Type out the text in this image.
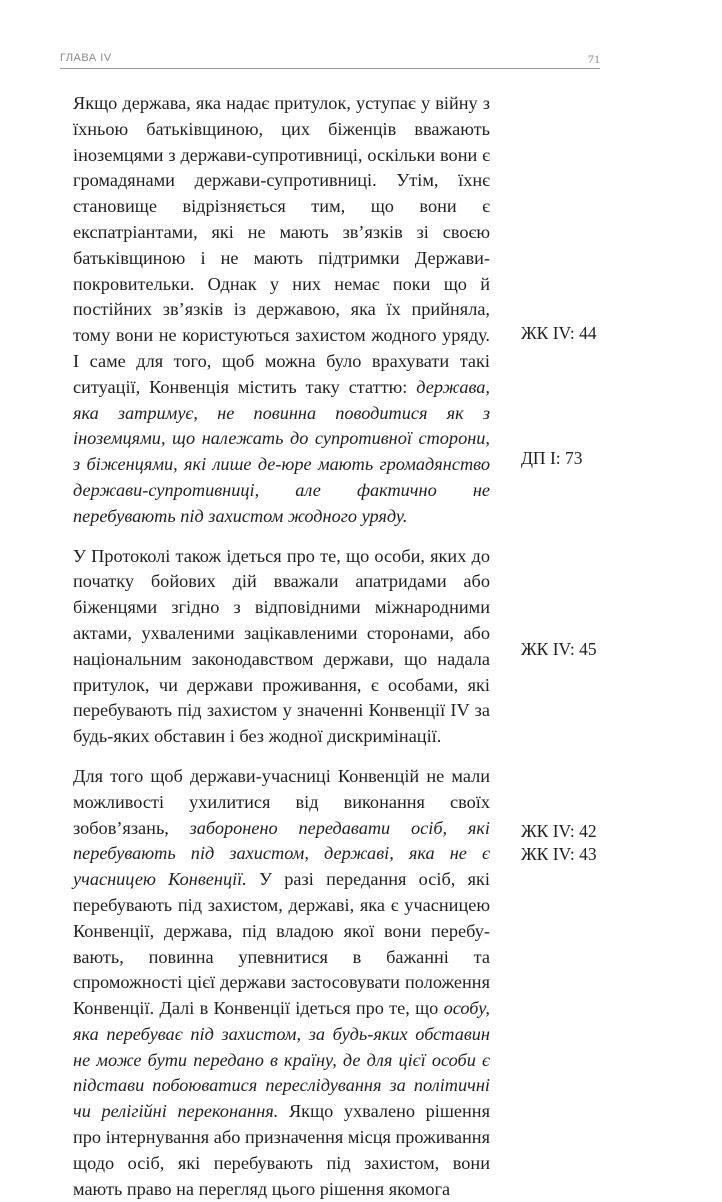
ГЛАВА IV	71

Якщо держава, яка надає притулок, уступає у війну з їхньою батьківщиною, цих біженців вважають іноземцями з держави-супротивниці, оскільки вони є громадянами держави-супротивниці. Утім, їхнє становище відрізняється тим, що вони є експатріантами, які не мають зв’язків зі своєю батьківщиною і не мають підтримки Держави-покровительки. Однак у них немає поки що й постійних зв’язків із державою, яка їх прийняла, тому вони не користуються захистом жодного уряду. І саме для того, щоб можна було врахувати такі ситуації, Конвенція містить таку статтю: держава, яка затримує, не повинна поводитися як з іноземцями, що належать до супротивної сторони, з біженцями, які лише де-юре мають громадянство держави-супротивниці, але фактично не перебувають під захистом жодного уряду.

У Протоколі також ідеться про те, що особи, яких до початку бойових дій вважали апатридами або біженцями згідно з відповідними міжнародними актами, ухваленими зацікавленими сторонами, або національним законодавством держави, що надала притулок, чи держави проживання, є особами, які перебувають під захистом у значенні Конвенції IV за будь-яких обставин і без жодної дискримінації.

Для того щоб держави-учасниці Конвенцій не мали можливості ухилитися від виконання своїх зобов’язань, заборонено передавати осіб, які перебувають під захистом, державі, яка не є учасницею Конвенції. У разі передання осіб, які перебувають під захистом, державі, яка є учасницею Конвенції, держава, під владою якої вони перебувають, повинна упевнитися в бажанні та спроможності цієї держави застосовувати положення Конвенції. Далі в Конвенції ідеться про те, що особу, яка перебуває під захистом, за будь-яких обставин не може бути передано в країну, де для цієї особи є підстави побоюватися переслідування за політичні чи релігійні переконання. Якщо ухвалено рішення про інтернування або призначення місця проживання щодо осіб, які перебувають під захистом, вони мають право на перегляд цього рішення якомога

ЖК IV: 44
ДП I: 73
ЖК IV: 45
ЖК IV: 42
ЖК IV: 43
